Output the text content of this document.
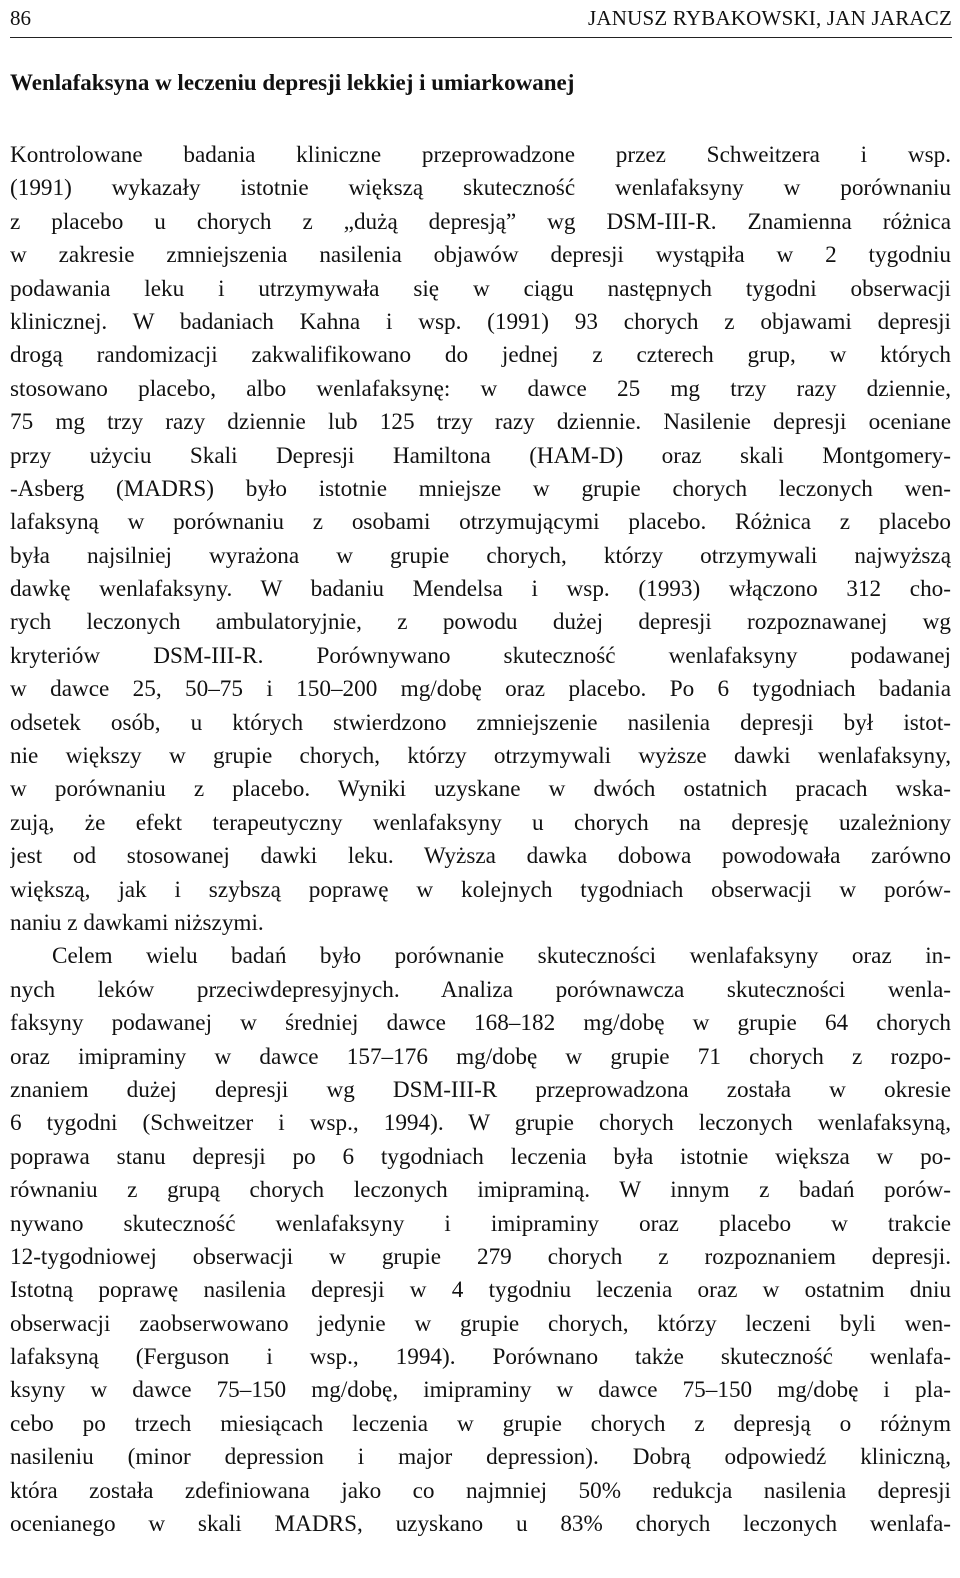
86	JANUSZ RYBAKOWSKI, JAN JARACZ
Wenlafaksyna w leczeniu depresji lekkiej i umiarkowanej
Kontrolowane badania kliniczne przeprowadzone przez Schweitzera i wsp.
(1991) wykazały istotnie większą skuteczność wenlafaksyny w porównaniu
z placebo u chorych z „dużą depresją” wg DSM-III-R. Znamienna różnica
w zakresie zmniejszenia nasilenia objawów depresji wystąpiła w 2 tygodniu
podawania leku i utrzymywała się w ciągu następnych tygodni obserwacji
klinicznej. W badaniach Kahna i wsp. (1991) 93 chorych z objawami depresji
drogą randomizacji zakwalifikowano do jednej z czterech grup, w których
stosowano placebo, albo wenlafaksynę: w dawce 25 mg trzy razy dziennie,
75 mg trzy razy dziennie lub 125 trzy razy dziennie. Nasilenie depresji oceniane
przy użyciu Skali Depresji Hamiltona (HAM-D) oraz skali Montgomery-
-Asberg (MADRS) było istotnie mniejsze w grupie chorych leczonych wen-
lafaksyną w porównaniu z osobami otrzymującymi placebo. Różnica z placebo
była najsilniej wyrażona w grupie chorych, którzy otrzymywali najwyższą
dawkę wenlafaksyny. W badaniu Mendelsa i wsp. (1993) włączono 312 cho-
rych leczonych ambulatoryjnie, z powodu dużej depresji rozpoznawanej wg
kryteriów DSM-III-R. Porównywano skuteczność wenlafaksyny podawanej
w dawce 25, 50–75 i 150–200 mg/dobę oraz placebo. Po 6 tygodniach badania
odsetek osób, u których stwierdzono zmniejszenie nasilenia depresji był istot-
nie większy w grupie chorych, którzy otrzymywali wyższe dawki wenlafaksyny,
w porównaniu z placebo. Wyniki uzyskane w dwóch ostatnich pracach wska-
zują, że efekt terapeutyczny wenlafaksyny u chorych na depresję uzależniony
jest od stosowanej dawki leku. Wyższa dawka dobowa powodowała zarówno
większą, jak i szybszą poprawę w kolejnych tygodniach obserwacji w porów-
naniu z dawkami niższymi.
Celem wielu badań było porównanie skuteczności wenlafaksyny oraz in-
nych leków przeciwdepresyjnych. Analiza porównawcza skuteczności wenla-
faksyny podawanej w średniej dawce 168–182 mg/dobę w grupie 64 chorych
oraz imipraminy w dawce 157–176 mg/dobę w grupie 71 chorych z rozpo-
znaniem dużej depresji wg DSM-III-R przeprowadzona została w okresie
6 tygodni (Schweitzer i wsp., 1994). W grupie chorych leczonych wenlafaksyną,
poprawa stanu depresji po 6 tygodniach leczenia była istotnie większa w po-
równaniu z grupą chorych leczonych imipraminą. W innym z badań porów-
nywano skuteczność wenlafaksyny i imipraminy oraz placebo w trakcie
12-tygodniowej obserwacji w grupie 279 chorych z rozpoznaniem depresji.
Istotną poprawę nasilenia depresji w 4 tygodniu leczenia oraz w ostatnim dniu
obserwacji zaobserwowano jedynie w grupie chorych, którzy leczeni byli wen-
lafaksyną (Ferguson i wsp., 1994). Porównano także skuteczność wenlafa-
ksyny w dawce 75–150 mg/dobę, imipraminy w dawce 75–150 mg/dobę i pla-
cebo po trzech miesiącach leczenia w grupie chorych z depresją o różnym
nasileniu (minor depression i major depression). Dobrą odpowiedź kliniczną,
która została zdefiniowana jako co najmniej 50% redukcja nasilenia depresji
ocenianego w skali MADRS, uzyskano u 83% chorych leczonych wenlafa-
